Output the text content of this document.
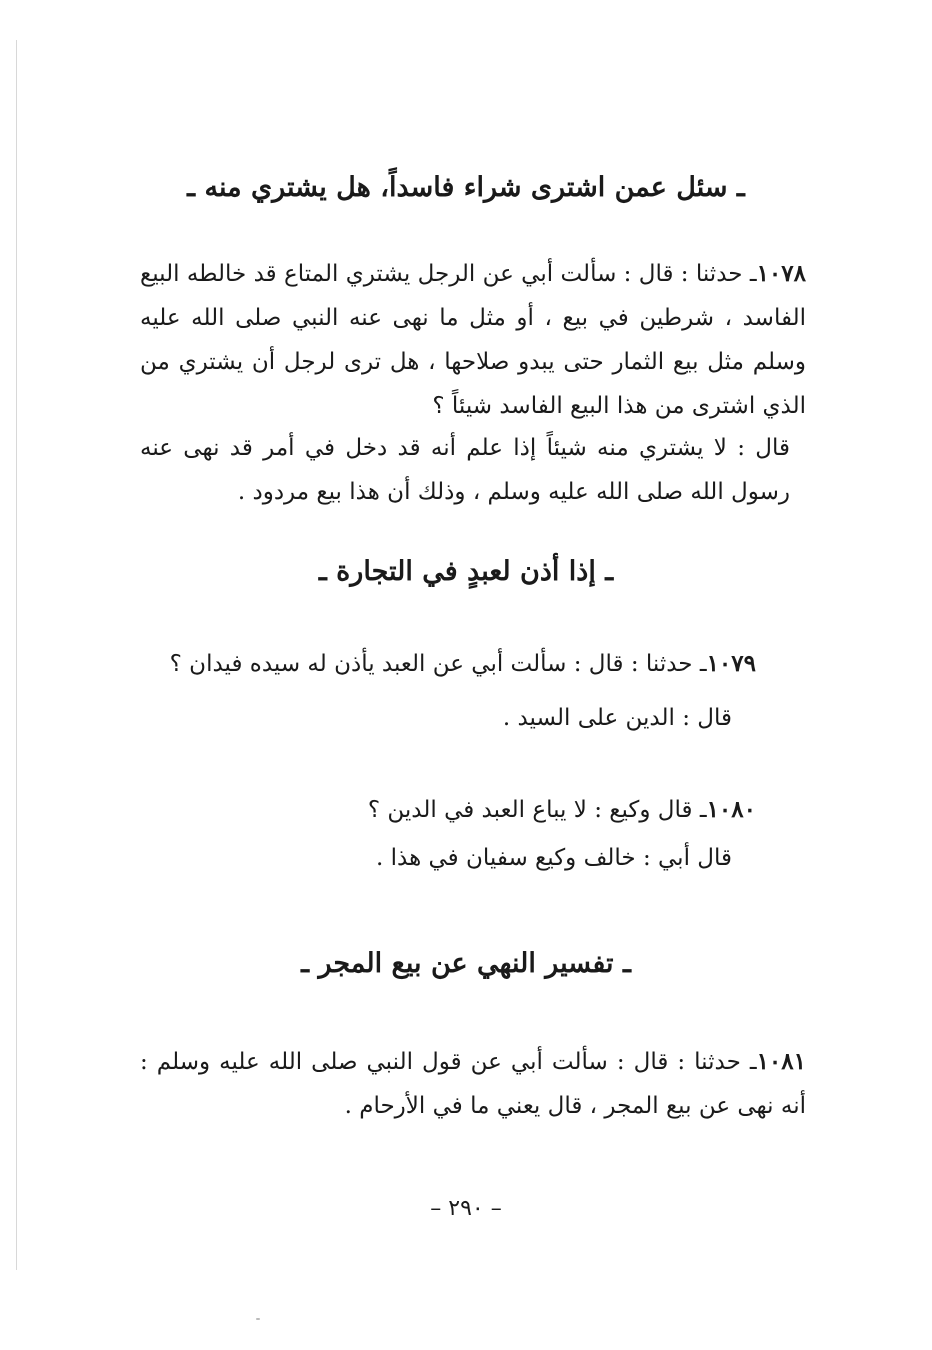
ـ سئل عمن اشترى شراء فاسداً، هل يشتري منه ـ
١٠٧٨ـ حدثنا : قال : سألت أبي عن الرجل يشتري المتاع قد خالطه البيع الفاسد ، شرطين في بيع ، أو مثل ما نهى عنه النبي صلى الله عليه وسلم مثل بيع الثمار حتى يبدو صلاحها ، هل ترى لرجل أن يشتري من الذي اشترى من هذا البيع الفاسد شيئاً ؟
قال : لا يشتري منه شيئاً إذا علم أنه قد دخل في أمر قد نهى عنه رسول الله صلى الله عليه وسلم ، وذلك أن هذا بيع مردود .
ـ إذا أذن لعبدٍ في التجارة ـ
١٠٧٩ـ حدثنا : قال : سألت أبي عن العبد يأذن له سيده فيدان ؟
قال : الدين على السيد .
١٠٨٠ـ قال وكيع : لا يباع العبد في الدين ؟
قال أبي : خالف وكيع سفيان في هذا .
ـ تفسير النهي عن بيع المجر ـ
١٠٨١ـ حدثنا : قال : سألت أبي عن قول النبي صلى الله عليه وسلم : أنه نهى عن بيع المجر ، قال يعني ما في الأرحام .
– ٢٩٠ –
